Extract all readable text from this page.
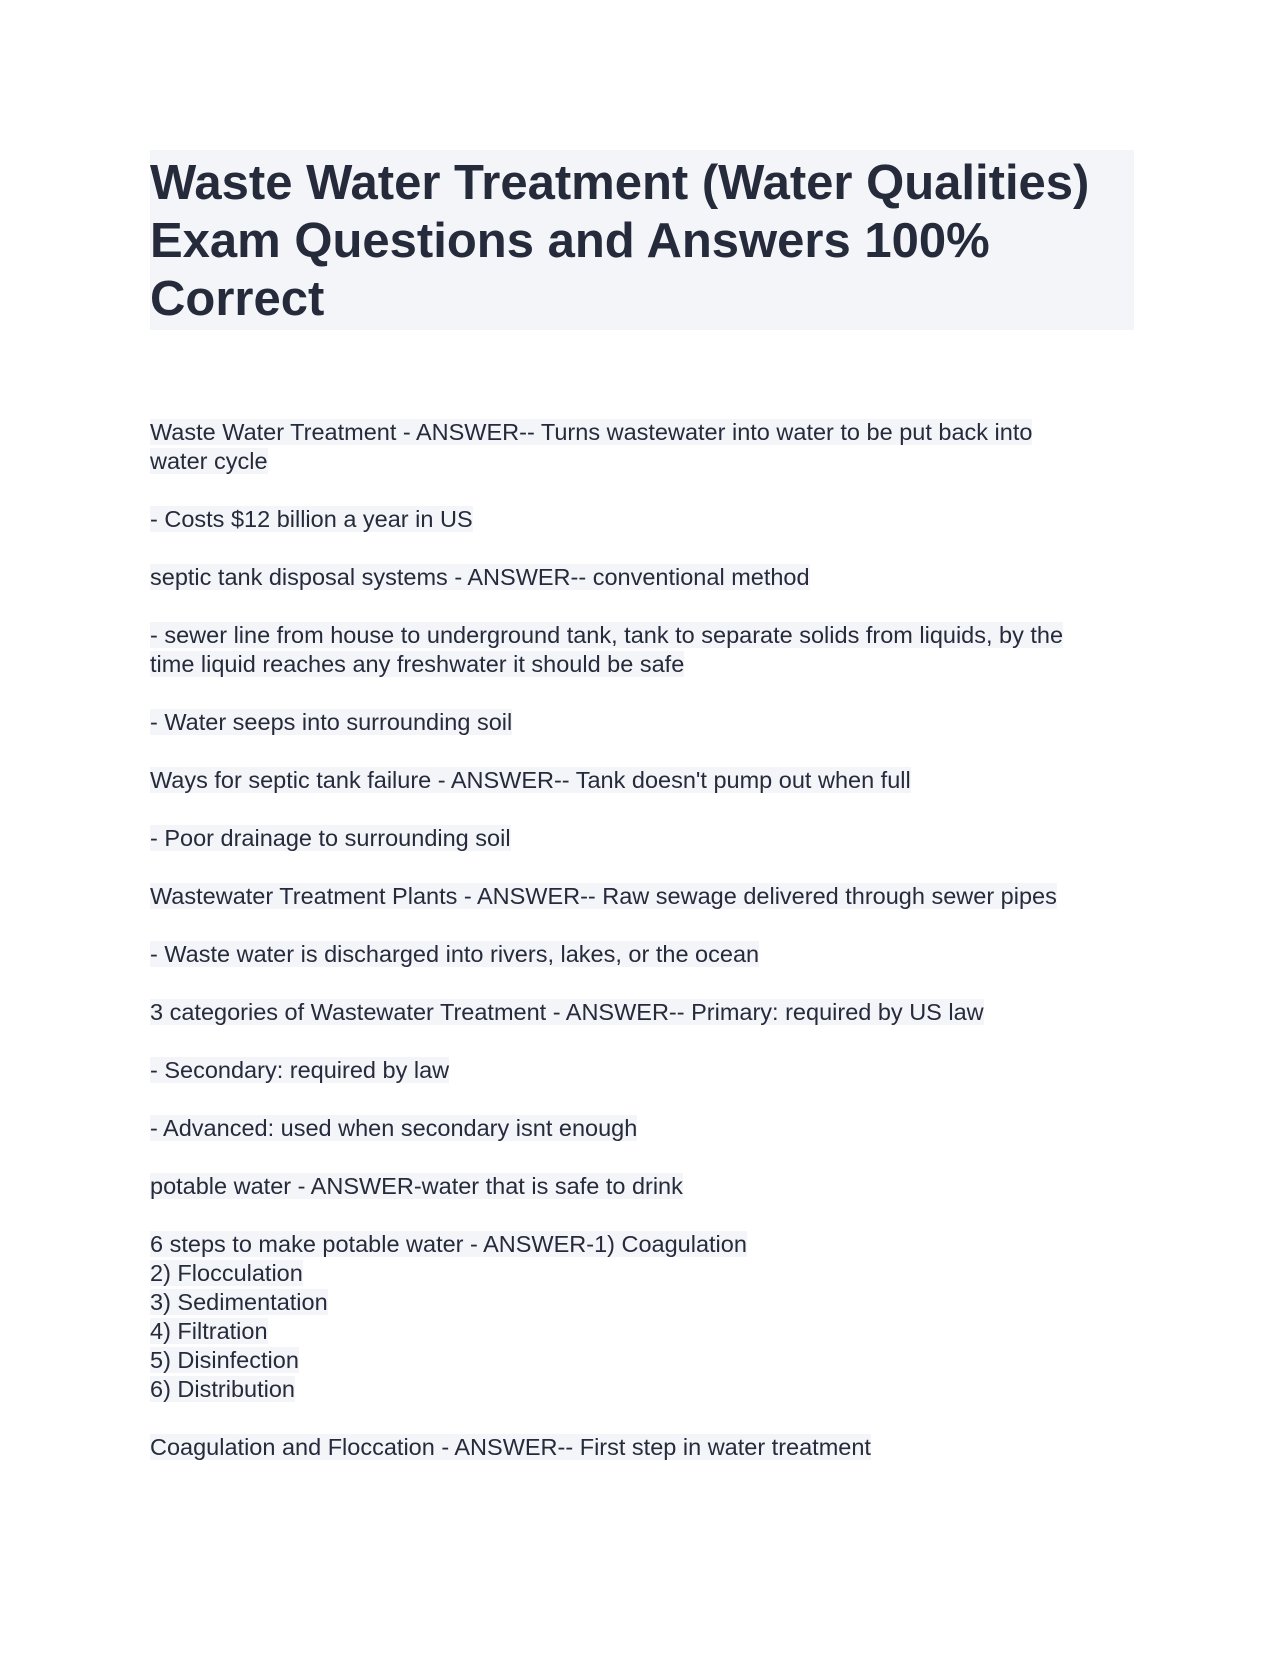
Waste Water Treatment (Water Qualities)
Exam Questions and Answers 100%
Correct

Waste Water Treatment - ANSWER-- Turns wastewater into water to be put back into
water cycle

- Costs $12 billion a year in US

septic tank disposal systems - ANSWER-- conventional method

- sewer line from house to underground tank, tank to separate solids from liquids, by the
time liquid reaches any freshwater it should be safe

- Water seeps into surrounding soil

Ways for septic tank failure - ANSWER-- Tank doesn't pump out when full

- Poor drainage to surrounding soil

Wastewater Treatment Plants - ANSWER-- Raw sewage delivered through sewer pipes

- Waste water is discharged into rivers, lakes, or the ocean

3 categories of Wastewater Treatment - ANSWER-- Primary: required by US law

- Secondary: required by law

- Advanced: used when secondary isnt enough

potable water - ANSWER-water that is safe to drink

6 steps to make potable water - ANSWER-1) Coagulation
2) Flocculation
3) Sedimentation
4) Filtration
5) Disinfection
6) Distribution

Coagulation and Floccation - ANSWER-- First step in water treatment
